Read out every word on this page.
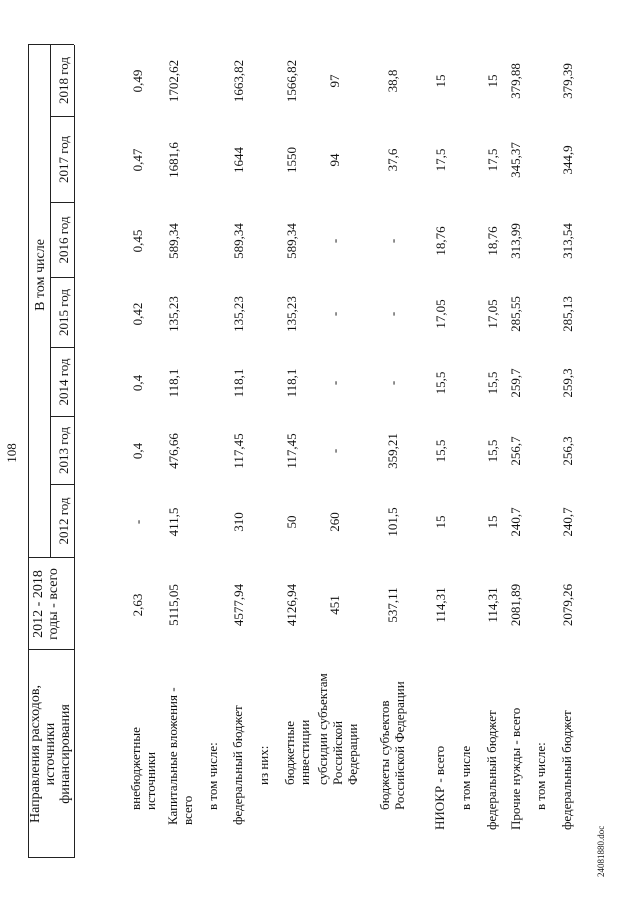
108
Направления расходов, источники финансирования
2012 - 2018 годы - всего
В том числе
2012 год
2013 год
2014 год
2015 год
2016 год
2017 год
2018 год
внебюджетные источники Капитальные вложения - всего
в том числе: федеральный бюджет из них: бюджетные инвестиции субсидии субъектам Российской Федерации бюджеты субъектов Российской Федерации НИОКР - всего в том числе федеральный бюджет Прочие нужды - всего в том числе: федеральный бюджет
2,63
-
0,4
0,4
0,42
0,45
0,47
0,49
5115,05
411,5
476,66
118,1
135,23
589,34
1681,6
1702,62
4577,94
310
117,45
118,1
135,23
589,34
1644
1663,82
4126,94
50
117,45
118,1
135,23
589,34
1550
1566,82
451
260
-
-
-
-
94
97
537,11
101,5
359,21
-
-
-
37,6
38,8
114,31
15
15,5
15,5
17,05
18,76
17,5
15
114,31
15
15,5
15,5
17,05
18,76
17,5
15
2081,89
240,7
256,7
259,7
285,55
313,99
345,37
379,88
2079,26
240,7
256,3
259,3
285,13
313,54
344,9
379,39
24081880.doc
